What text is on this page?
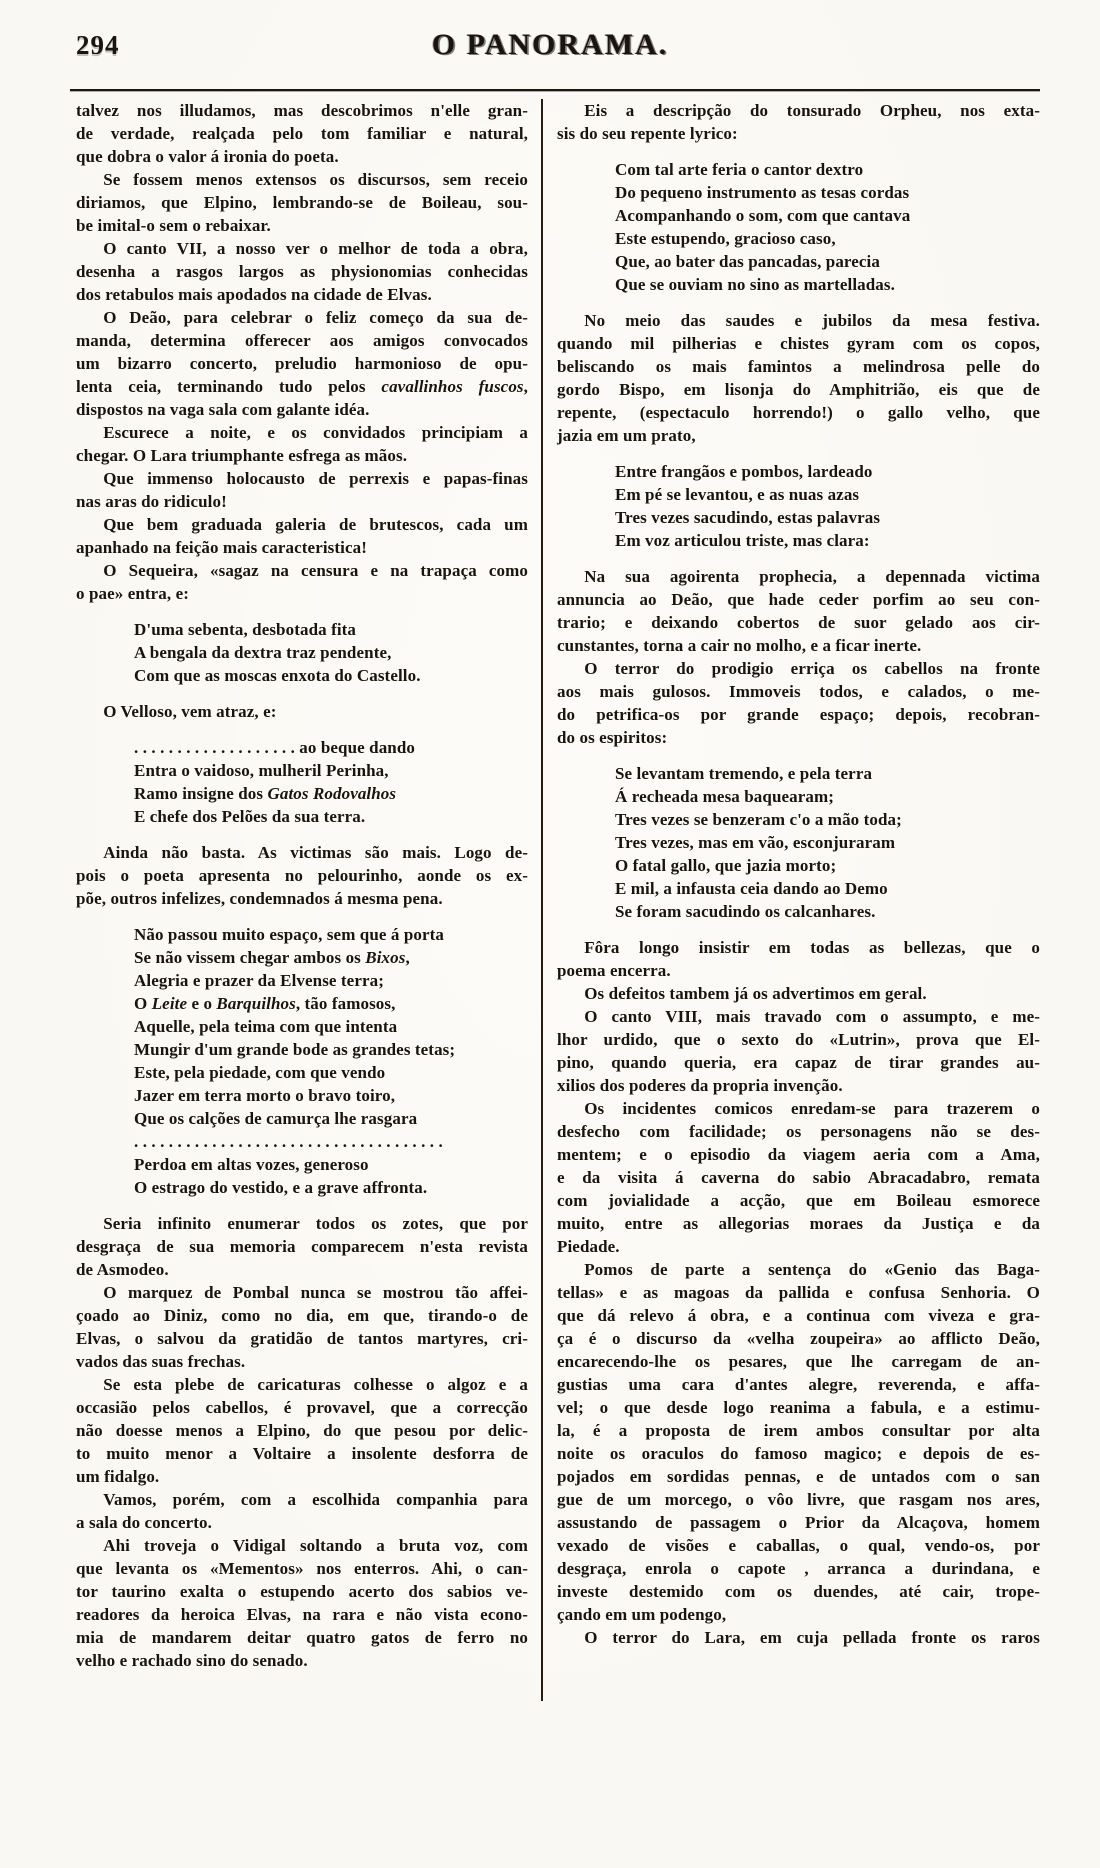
294	O PANORAMA.
talvez nos illudamos, mas descobrimos n'elle gran-
de verdade, realçada pelo tom familiar e natural,
que dobra o valor á ironia do poeta.
Se fossem menos extensos os discursos, sem receio
diriamos, que Elpino, lembrando-se de Boileau, sou-
be imital-o sem o rebaixar.
O canto VII, a nosso ver o melhor de toda a obra,
desenha a rasgos largos as physionomias conhecidas
dos retabulos mais apodados na cidade de Elvas.
O Deão, para celebrar o feliz começo da sua de-
manda, determina offerecer aos amigos convocados
um bizarro concerto, preludio harmonioso de opu-
lenta ceia, terminando tudo pelos cavallinhos fuscos,
dispostos na vaga sala com galante idéa.
Escurece a noite, e os convidados principiam a
chegar. O Lara triumphante esfrega as mãos.
Que immenso holocausto de perrexis e papas-finas
nas aras do ridiculo!
Que bem graduada galeria de brutescos, cada um
apanhado na feição mais caracteristica!
O Sequeira, «sagaz na censura e na trapaça como
o pae» entra, e:
D'uma sebenta, desbotada fita
A bengala da dextra traz pendente,
Com que as moscas enxota do Castello.
O Velloso, vem atraz, e:
. . . . . . . . . . . . . . . . . . . ao beque dando
Entra o vaidoso, mulheril Perinha,
Ramo insigne dos Gatos Rodovalhos
E chefe dos Pelões da sua terra.
Ainda não basta. As victimas são mais. Logo de-
pois o poeta apresenta no pelourinho, aonde os ex-
põe, outros infelizes, condemnados á mesma pena.
Não passou muito espaço, sem que á porta
Se não vissem chegar ambos os Bixos,
Alegria e prazer da Elvense terra;
O Leite e o Barquilhos, tão famosos,
Aquelle, pela teima com que intenta
Mungir d'um grande bode as grandes tetas;
Este, pela piedade, com que vendo
Jazer em terra morto o bravo toiro,
Que os calções de camurça lhe rasgara
. . . . . . . . . . . . . . . . . . . . . . . . . . . . . . . . . . . .
Perdoa em altas vozes, generoso
O estrago do vestido, e a grave affronta.
Seria infinito enumerar todos os zotes, que por
desgraça de sua memoria comparecem n'esta revista
de Asmodeo.
O marquez de Pombal nunca se mostrou tão affei-
çoado ao Diniz, como no dia, em que, tirando-o de
Elvas, o salvou da gratidão de tantos martyres, cri-
vados das suas frechas.
Se esta plebe de caricaturas colhesse o algoz e a
occasião pelos cabellos, é provavel, que a correcção
não doesse menos a Elpino, do que pesou por delic-
to muito menor a Voltaire a insolente desforra de
um fidalgo.
Vamos, porém, com a escolhida companhia para
a sala do concerto.
Ahi troveja o Vidigal soltando a bruta voz, com
que levanta os «Mementos» nos enterros. Ahi, o can-
tor taurino exalta o estupendo acerto dos sabios ve-
readores da heroica Elvas, na rara e não vista econo-
mia de mandarem deitar quatro gatos de ferro no
velho e rachado sino do senado.
Eis a descripção do tonsurado Orpheu, nos exta-
sis do seu repente lyrico:
Com tal arte feria o cantor dextro
Do pequeno instrumento as tesas cordas
Acompanhando o som, com que cantava
Este estupendo, gracioso caso,
Que, ao bater das pancadas, parecia
Que se ouviam no sino as martelladas.
No meio das saudes e jubilos da mesa festiva.
quando mil pilherias e chistes gyram com os copos,
beliscando os mais famintos a melindrosa pelle do
gordo Bispo, em lisonja do Amphitrião, eis que de
repente, (espectaculo horrendo!) o gallo velho, que
jazia em um prato,
Entre frangãos e pombos, lardeado
Em pé se levantou, e as nuas azas
Tres vezes sacudindo, estas palavras
Em voz articulou triste, mas clara:
Na sua agoirenta prophecia, a depennada victima
annuncia ao Deão, que hade ceder porfim ao seu con-
trario; e deixando cobertos de suor gelado aos cir-
cunstantes, torna a cair no molho, e a ficar inerte.
O terror do prodigio erriça os cabellos na fronte
aos mais gulosos. Immoveis todos, e calados, o me-
do petrifica-os por grande espaço; depois, recobran-
do os espiritos:
Se levantam tremendo, e pela terra
Á recheada mesa baquearam;
Tres vezes se benzeram c'o a mão toda;
Tres vezes, mas em vão, esconjuraram
O fatal gallo, que jazia morto;
E mil, a infausta ceia dando ao Demo
Se foram sacudindo os calcanhares.
Fôra longo insistir em todas as bellezas, que o
poema encerra.
Os defeitos tambem já os advertimos em geral.
O canto VIII, mais travado com o assumpto, e me-
lhor urdido, que o sexto do «Lutrin», prova que El-
pino, quando queria, era capaz de tirar grandes au-
xilios dos poderes da propria invenção.
Os incidentes comicos enredam-se para trazerem o
desfecho com facilidade; os personagens não se des-
mentem; e o episodio da viagem aeria com a Ama,
e da visita á caverna do sabio Abracadabro, remata
com jovialidade a acção, que em Boileau esmorece
muito, entre as allegorias moraes da Justiça e da
Piedade.
Pomos de parte a sentença do «Genio das Baga-
tellas» e as magoas da pallida e confusa Senhoria. O
que dá relevo á obra, e a continua com viveza e gra-
ça é o discurso da «velha zoupeira» ao afflicto Deão,
encarecendo-lhe os pesares, que lhe carregam de an-
gustias uma cara d'antes alegre, reverenda, e affa-
vel; o que desde logo reanima a fabula, e a estimu-
la, é a proposta de irem ambos consultar por alta
noite os oraculos do famoso magico; e depois de es-
pojados em sordidas pennas, e de untados com o san
gue de um morcego, o vôo livre, que rasgam nos ares,
assustando de passagem o Prior da Alcaçova, homem
vexado de visões e caballas, o qual, vendo-os, por
desgraça, enrola o capote , arranca a durindana, e
investe destemido com os duendes, até cair, trope-
çando em um podengo,
O terror do Lara, em cuja pellada fronte os raros
